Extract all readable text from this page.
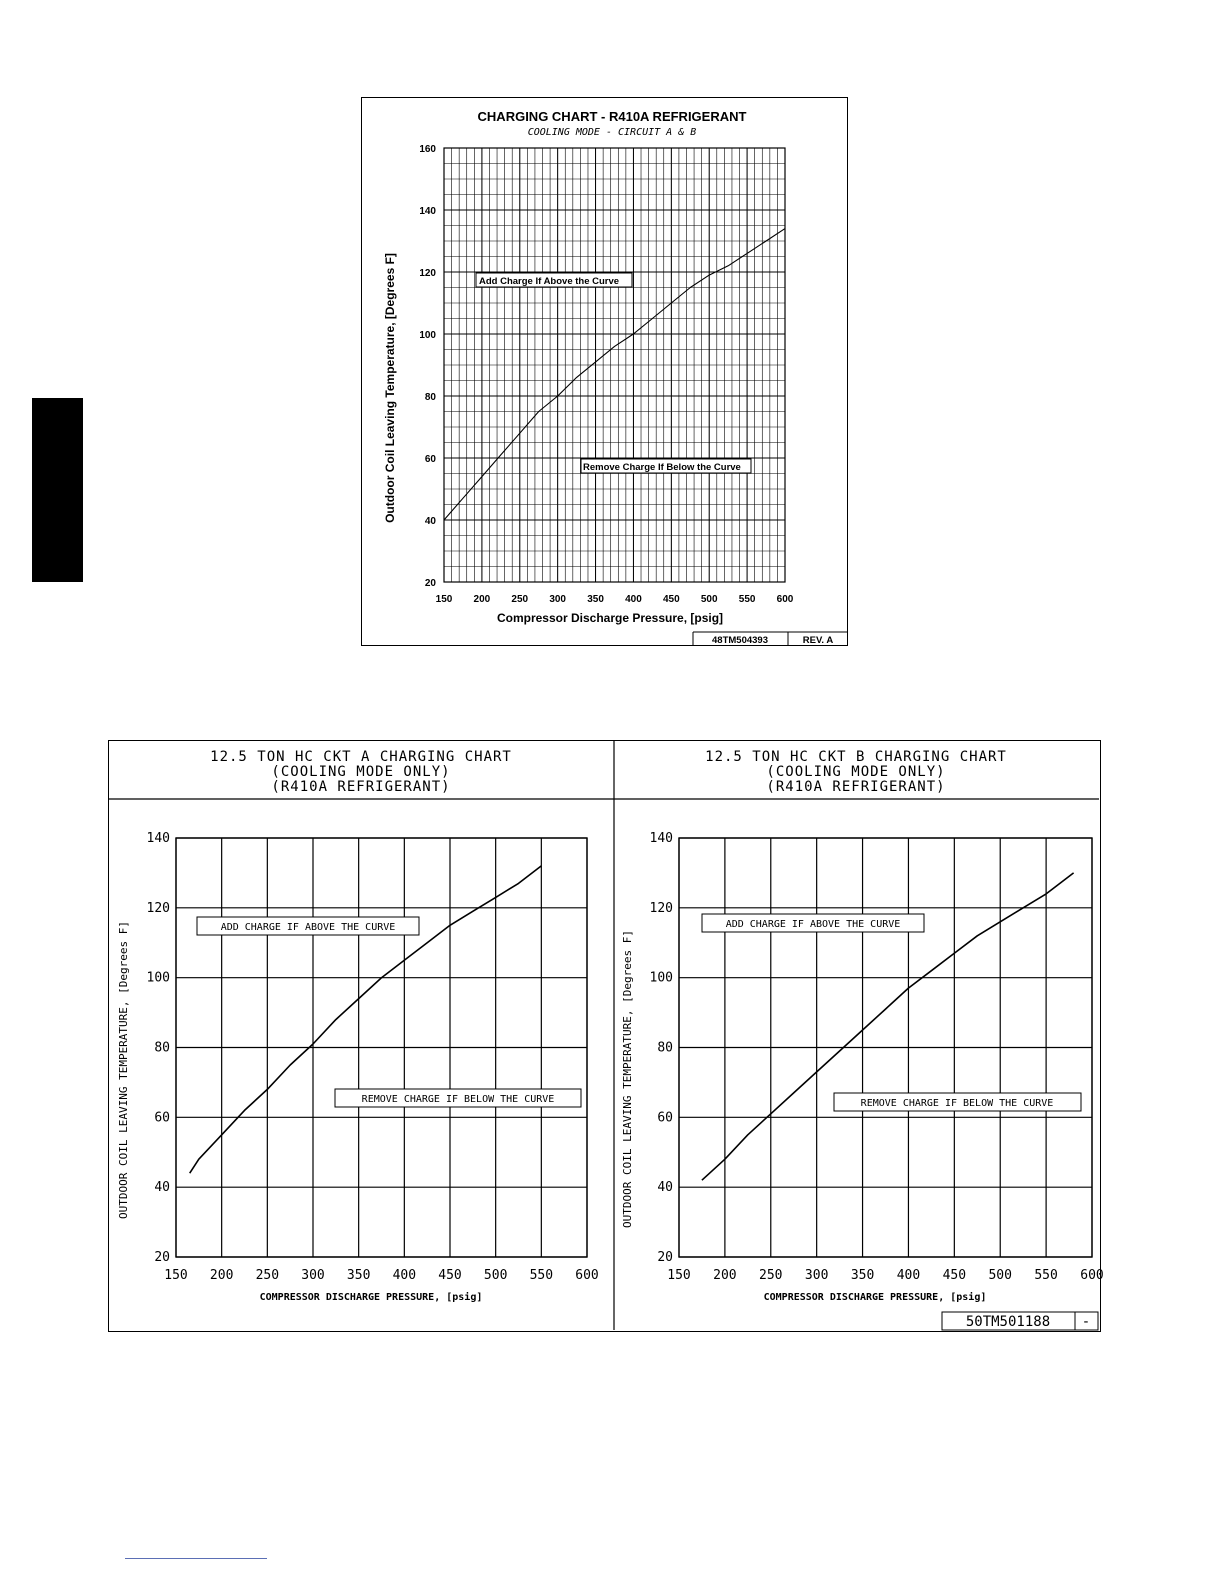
CHARGING CHART - R410A REFRIGERANT
COOLING MODE - CIRCUIT A & B
150 200 250 300 350 400 450 500 550 600
20
40
60
80
100
120
140
160
Add Charge If Above the Curve
Remove Charge If Below the Curve
Compressor Discharge Pressure, [psig]
Outdoor Coil Leaving Temperature, [Degrees F]
48TM504393	REV. A
12.5 TON HC CKT A CHARGING CHART
(COOLING MODE ONLY)
(R410A REFRIGERANT)
12.5 TON HC CKT B CHARGING CHART
(COOLING MODE ONLY)
(R410A REFRIGERANT)
150 200 250 300 350 400 450 500 550 600
20
40
60
80
100
120
140
150 200 250 300 350 400 450 500 550 600
20
40
60
80
100
120
140
ADD CHARGE IF ABOVE THE CURVE
REMOVE CHARGE IF BELOW THE CURVE
ADD CHARGE IF ABOVE THE CURVE
REMOVE CHARGE IF BELOW THE CURVE
COMPRESSOR DISCHARGE PRESSURE, [psig]
OUTDOOR COIL LEAVING TEMPERATURE, [Degrees F]
COMPRESSOR DISCHARGE PRESSURE, [psig]
OUTDOOR COIL LEAVING TEMPERATURE, [Degrees F]
50TM501188 -
